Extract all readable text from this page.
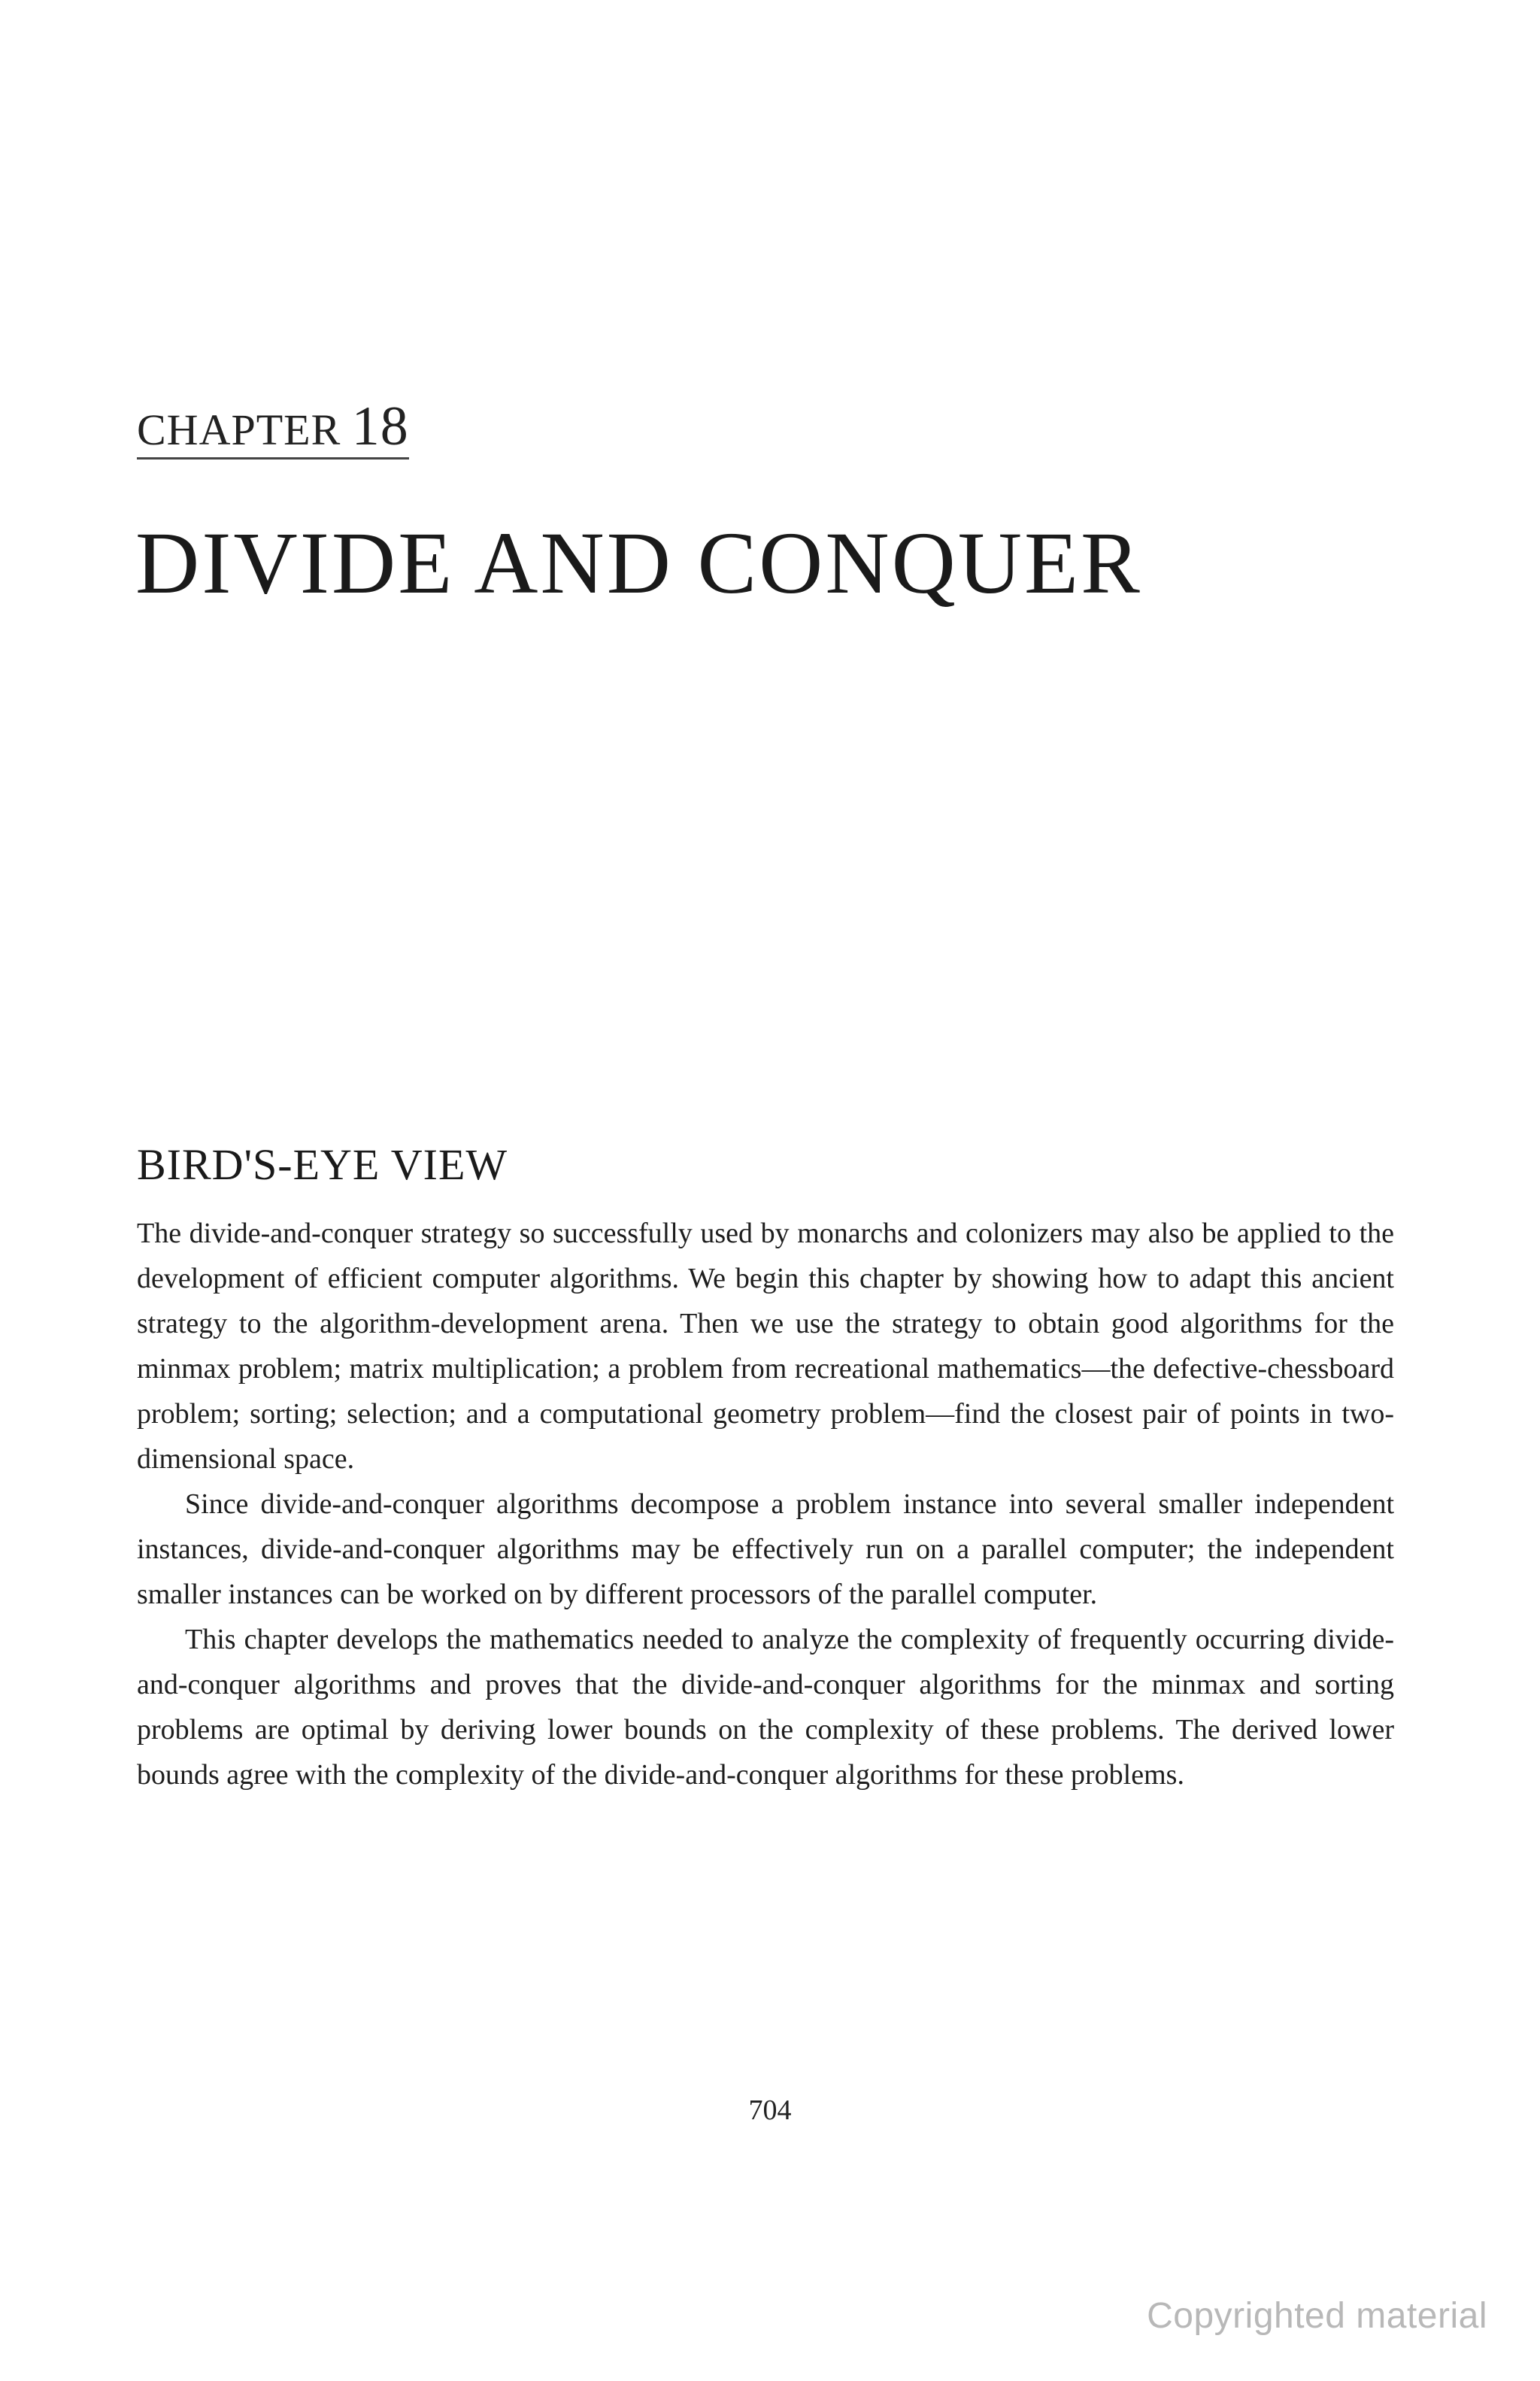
CHAPTER 18
DIVIDE AND CONQUER
BIRD'S-EYE VIEW

The divide-and-conquer strategy so successfully used by monarchs and colonizers may also be applied to the development of efficient computer algorithms. We begin this chapter by showing how to adapt this ancient strategy to the algorithm-development arena. Then we use the strategy to obtain good algorithms for the minmax problem; matrix multiplication; a problem from recreational mathematics—the defective-chessboard problem; sorting; selection; and a computational geometry problem—find the closest pair of points in two-dimensional space.

Since divide-and-conquer algorithms decompose a problem instance into several smaller independent instances, divide-and-conquer algorithms may be effectively run on a parallel computer; the independent smaller instances can be worked on by different processors of the parallel computer.

This chapter develops the mathematics needed to analyze the complexity of frequently occurring divide-and-conquer algorithms and proves that the divide-and-conquer algorithms for the minmax and sorting problems are optimal by deriving lower bounds on the complexity of these problems. The derived lower bounds agree with the complexity of the divide-and-conquer algorithms for these problems.

704
Copyrighted material
